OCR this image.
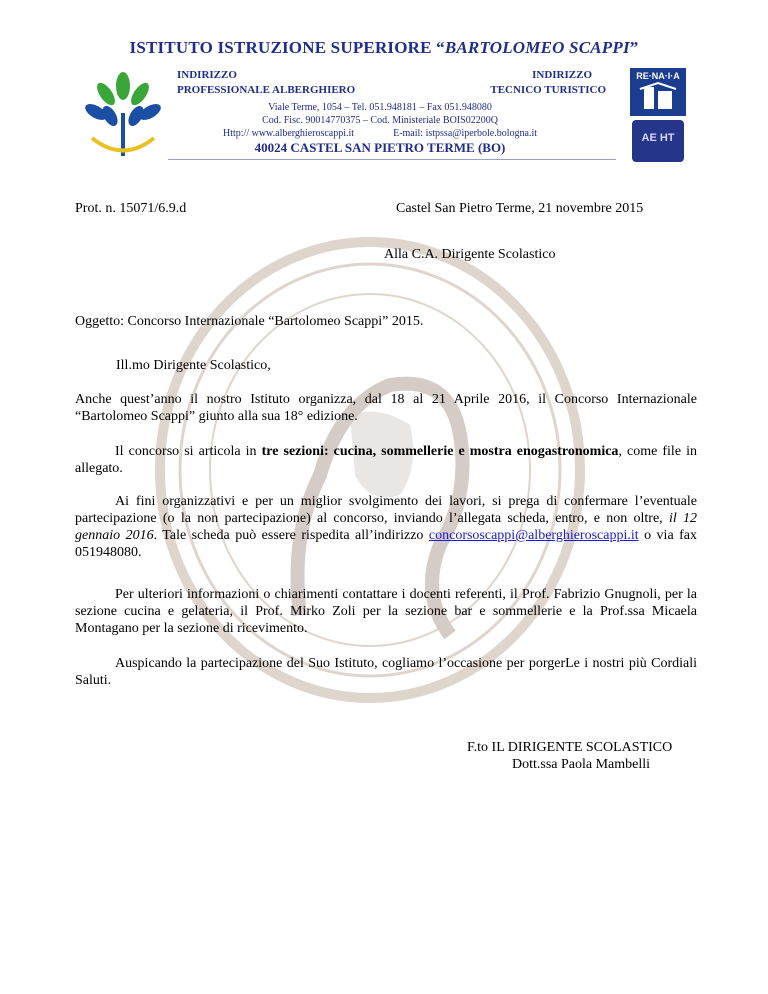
RE·NA·I·A
AE HT
ISTITUTO ISTRUZIONE SUPERIORE “BARTOLOMEO SCAPPI”
INDIRIZZO
PROFESSIONALE ALBERGHIERO
INDIRIZZO
TECNICO TURISTICO
Viale Terme, 1054 – Tel. 051.948181 – Fax 051.948080
Cod. Fisc. 90014770375 – Cod. Ministeriale BOIS02200Q
Http:// www.alberghieroscappi.it	E-mail: istpssa@iperbole.bologna.it
40024 CASTEL SAN PIETRO TERME (BO)
Prot. n. 15071/6.9.d	Castel San Pietro Terme, 21 novembre 2015
Alla C.A. Dirigente Scolastico
Oggetto: Concorso Internazionale “Bartolomeo Scappi” 2015.
Ill.mo Dirigente Scolastico,
Anche quest’anno il nostro Istituto organizza, dal 18 al 21 Aprile 2016, il Concorso Internazionale “Bartolomeo Scappi” giunto alla sua 18° edizione.
Il concorso si articola in tre sezioni: cucina, sommellerie e mostra enogastronomica, come file in allegato.
Ai fini organizzativi e per un miglior svolgimento dei lavori, si prega di confermare l’eventuale partecipazione (o la non partecipazione) al concorso, inviando l’allegata scheda, entro, e non oltre, il 12 gennaio 2016. Tale scheda può essere rispedita all’indirizzo concorsoscappi@alberghieroscappi.it o via fax 051948080.
Per ulteriori informazioni o chiarimenti contattare i docenti referenti, il Prof. Fabrizio Gnugnoli, per la sezione cucina e gelateria, il Prof. Mirko Zoli per la sezione bar e sommellerie e la Prof.ssa Micaela Montagano per la sezione di ricevimento.
Auspicando la partecipazione del Suo Istituto, cogliamo l’occasione per porgerLe i nostri più Cordiali Saluti.
F.to IL DIRIGENTE SCOLASTICO
Dott.ssa Paola Mambelli
